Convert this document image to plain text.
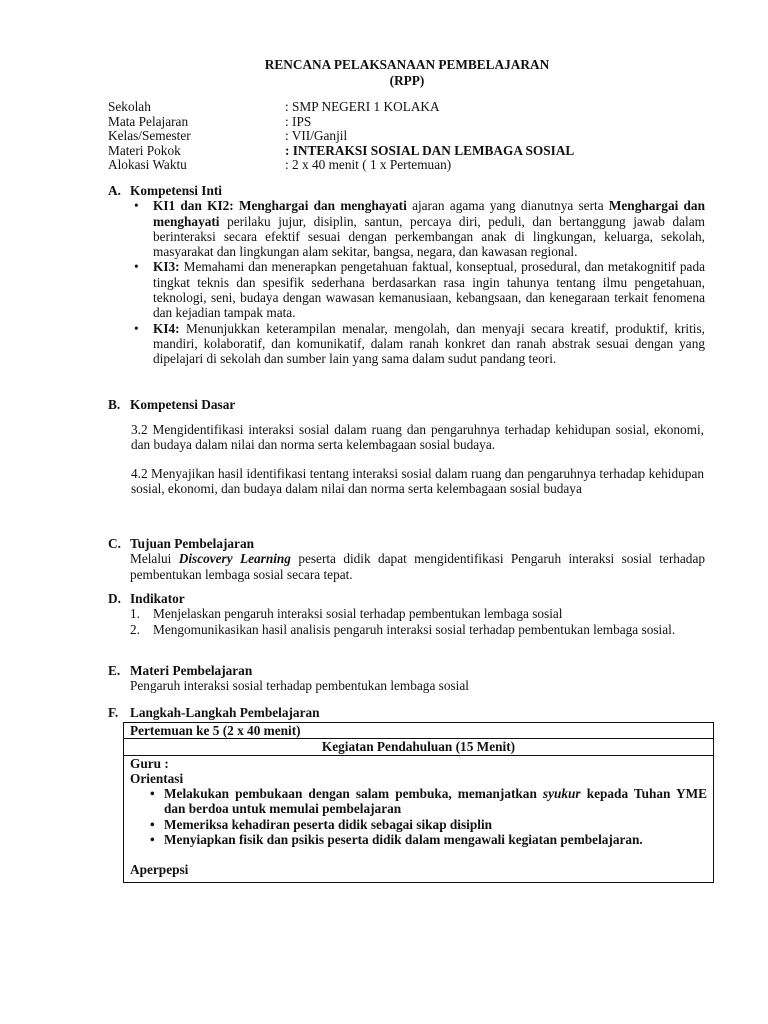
RENCANA PELAKSANAAN PEMBELAJARAN
(RPP)
Sekolah	: SMP NEGERI 1 KOLAKA
Mata Pelajaran	: IPS
Kelas/Semester	: VII/Ganjil
Materi Pokok	: INTERAKSI SOSIAL DAN LEMBAGA SOSIAL
Alokasi Waktu	: 2 x 40 menit ( 1 x Pertemuan)
A. Kompetensi Inti
• KI1 dan KI2: Menghargai dan menghayati ajaran agama yang dianutnya serta Menghargai dan menghayati perilaku jujur, disiplin, santun, percaya diri, peduli, dan bertanggung jawab dalam berinteraksi secara efektif sesuai dengan perkembangan anak di lingkungan, keluarga, sekolah, masyarakat dan lingkungan alam sekitar, bangsa, negara, dan kawasan regional.
• KI3: Memahami dan menerapkan pengetahuan faktual, konseptual, prosedural, dan metakognitif pada tingkat teknis dan spesifik sederhana berdasarkan rasa ingin tahunya tentang ilmu pengetahuan, teknologi, seni, budaya dengan wawasan kemanusiaan, kebangsaan, dan kenegaraan terkait fenomena dan kejadian tampak mata.
• KI4: Menunjukkan keterampilan menalar, mengolah, dan menyaji secara kreatif, produktif, kritis, mandiri, kolaboratif, dan komunikatif, dalam ranah konkret dan ranah abstrak sesuai dengan yang dipelajari di sekolah dan sumber lain yang sama dalam sudut pandang teori.
B. Kompetensi Dasar
3.2 Mengidentifikasi interaksi sosial dalam ruang dan pengaruhnya terhadap kehidupan sosial, ekonomi, dan budaya dalam nilai dan norma serta kelembagaan sosial budaya.
4.2 Menyajikan hasil identifikasi tentang interaksi sosial dalam ruang dan pengaruhnya terhadap kehidupan sosial, ekonomi, dan budaya dalam nilai dan norma serta kelembagaan sosial budaya
C. Tujuan Pembelajaran
Melalui Discovery Learning peserta didik dapat mengidentifikasi Pengaruh interaksi sosial terhadap pembentukan lembaga sosial secara tepat.
D. Indikator
1. Menjelaskan pengaruh interaksi sosial terhadap pembentukan lembaga sosial
2. Mengomunikasikan hasil analisis pengaruh interaksi sosial terhadap pembentukan lembaga sosial.
E. Materi Pembelajaran
Pengaruh interaksi sosial terhadap pembentukan lembaga sosial
F. Langkah-Langkah Pembelajaran
Pertemuan ke 5 (2 x 40 menit)
Kegiatan Pendahuluan (15 Menit)

Guru :
Orientasi
• Melakukan pembukaan dengan salam pembuka, memanjatkan syukur kepada Tuhan YME dan berdoa untuk memulai pembelajaran
• Memeriksa kehadiran peserta didik sebagai sikap disiplin
• Menyiapkan fisik dan psikis peserta didik dalam mengawali kegiatan pembelajaran.
Aperpepsi
